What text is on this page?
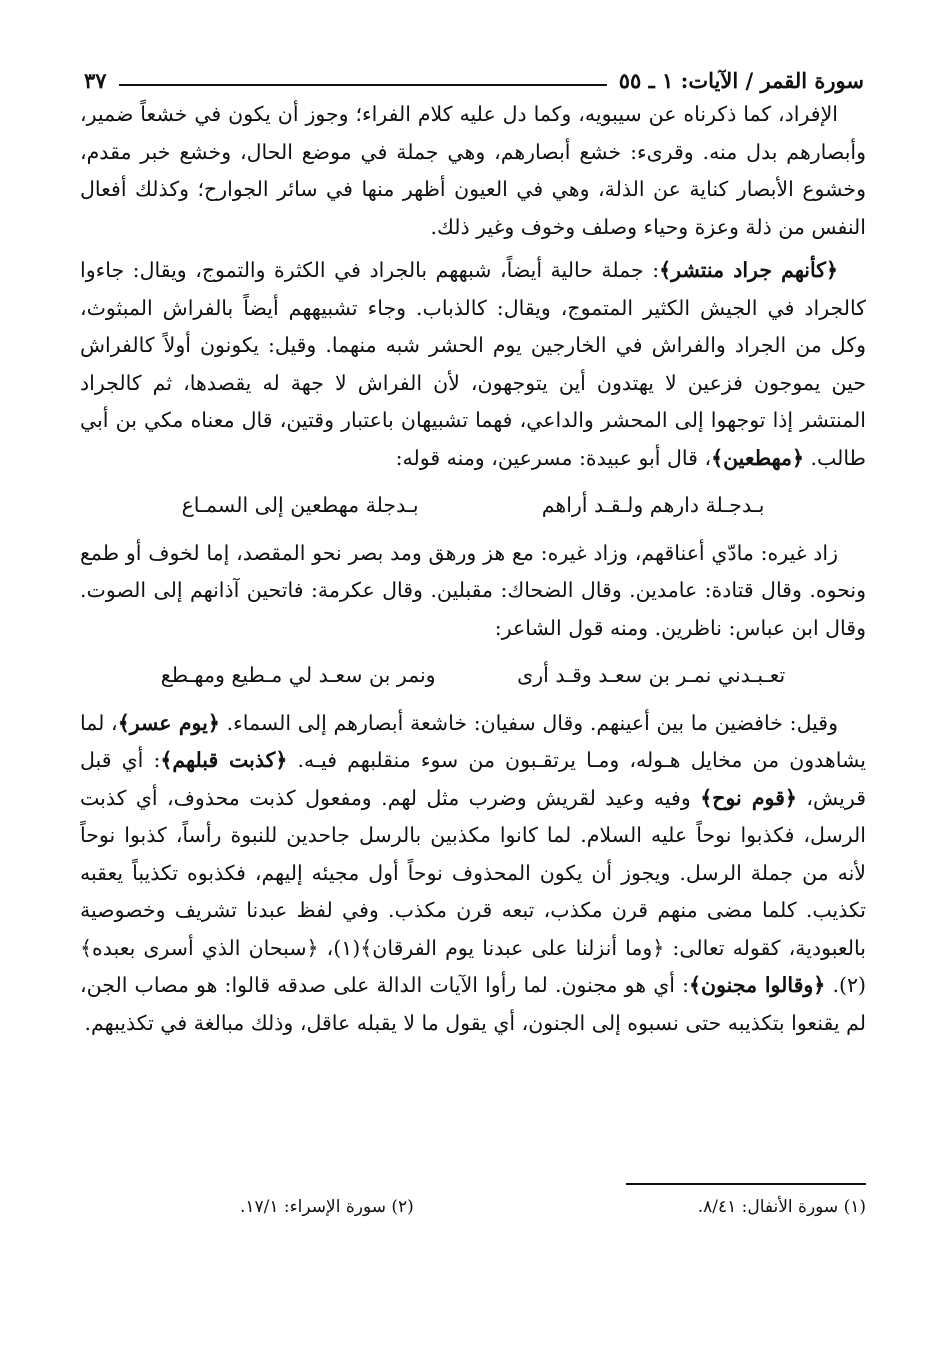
سورة القمر / الآيات: ١ ـ ٥٥
٣٧

الإفراد، كما ذكرناه عن سيبويه، وكما دل عليه كلام الفراء؛ وجوز أن يكون في خشعاً ضمير، وأبصارهم بدل منه. وقرىء: خشع أبصارهم، وهي جملة في موضع الحال، وخشع خبر مقدم، وخشوع الأبصار كناية عن الذلة، وهي في العيون أظهر منها في سائر الجوارح؛ وكذلك أفعال النفس من ذلة وعزة وحياء وصلف وخوف وغير ذلك.

﴿كأنهم جراد منتشر﴾: جملة حالية أيضاً، شبههم بالجراد في الكثرة والتموج، ويقال: جاءوا كالجراد في الجيش الكثير المتموج، ويقال: كالذباب. وجاء تشبيههم أيضاً بالفراش المبثوث، وكل من الجراد والفراش في الخارجين يوم الحشر شبه منهما. وقيل: يكونون أولاً كالفراش حين يموجون فزعين لا يهتدون أين يتوجهون، لأن الفراش لا جهة له يقصدها، ثم كالجراد المنتشر إذا توجهوا إلى المحشر والداعي، فهما تشبيهان باعتبار وقتين، قال معناه مكي بن أبي طالب. ﴿مهطعين﴾، قال أبو عبيدة: مسرعين، ومنه قوله:

بـدجـلة دارهم ولـقـد أراهم
بـدجلة مهطعين إلى السمـاع

زاد غيره: مادّي أعناقهم، وزاد غيره: مع هز ورهق ومد بصر نحو المقصد، إما لخوف أو طمع ونحوه. وقال قتادة: عامدين. وقال الضحاك: مقبلين. وقال عكرمة: فاتحين آذانهم إلى الصوت. وقال ابن عباس: ناظرين. ومنه قول الشاعر:

تعـبـدني نمـر بن سعـد وقـد أرى
ونمر بن سعـد لي مـطيع ومهـطع

وقيل: خافضين ما بين أعينهم. وقال سفيان: خاشعة أبصارهم إلى السماء. ﴿يوم عسر﴾، لما يشاهدون من مخايل هـوله، ومـا يرتقـبون من سوء منقلبهم فيـه. ﴿كذبت قبلهم﴾: أي قبل قريش، ﴿قوم نوح﴾ وفيه وعيد لقريش وضرب مثل لهم. ومفعول كذبت محذوف، أي كذبت الرسل، فكذبوا نوحاً عليه السلام. لما كانوا مكذبين بالرسل جاحدين للنبوة رأساً، كذبوا نوحاً لأنه من جملة الرسل. ويجوز أن يكون المحذوف نوحاً أول مجيئه إليهم، فكذبوه تكذيباً يعقبه تكذيب. كلما مضى منهم قرن مكذب، تبعه قرن مكذب. وفي لفظ عبدنا تشريف وخصوصية بالعبودية، كقوله تعالى: ﴿وما أنزلنا على عبدنا يوم الفرقان﴾(١)، ﴿سبحان الذي أسرى بعبده﴾(٢). ﴿وقالوا مجنون﴾: أي هو مجنون. لما رأوا الآيات الدالة على صدقه قالوا: هو مصاب الجن، لم يقنعوا بتكذيبه حتى نسبوه إلى الجنون، أي يقول ما لا يقبله عاقل، وذلك مبالغة في تكذيبهم.

(١) سورة الأنفال: ٨/٤١.
(٢) سورة الإسراء: ١٧/١.
